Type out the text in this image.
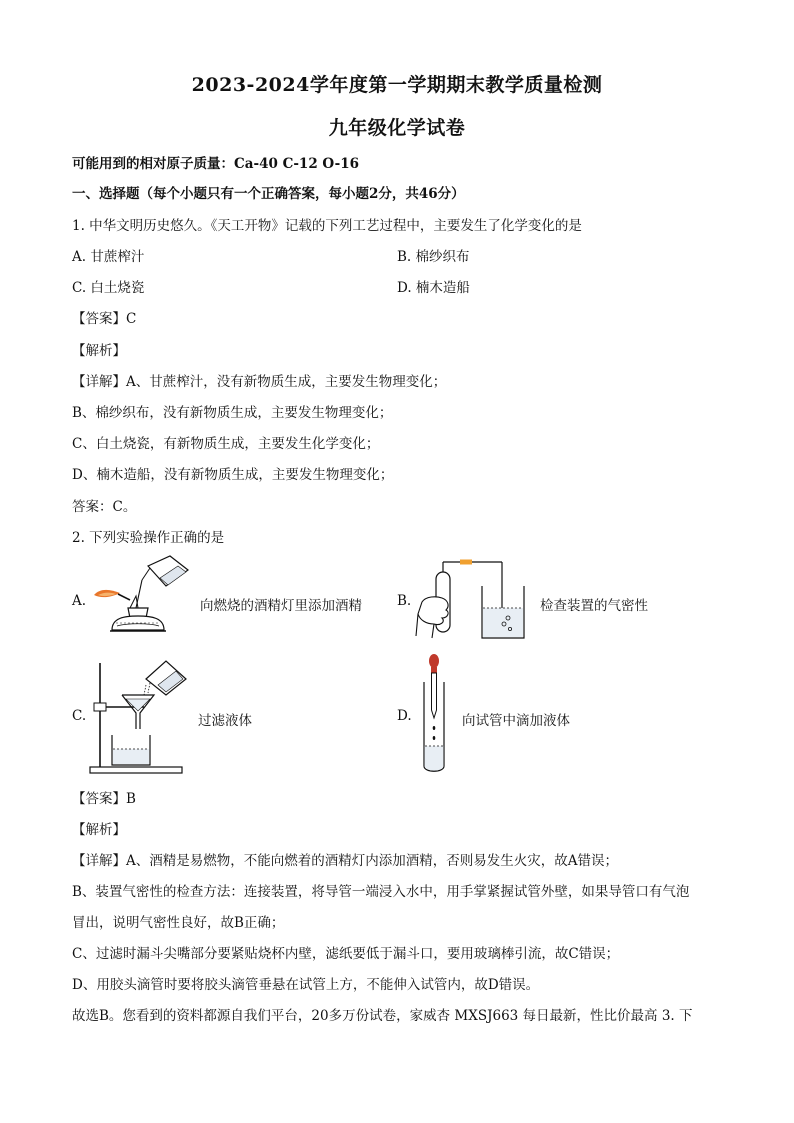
2023-2024学年度第一学期期末教学质量检测
九年级化学试卷
可能用到的相对原子质量：Ca-40 C-12 O-16
一、选择题（每个小题只有一个正确答案，每小题2分，共46分）
1. 中华文明历史悠久。《天工开物》记载的下列工艺过程中，主要发生了化学变化的是
A. 甘蔗榨汁	B. 棉纱织布
C. 白土烧瓷	D. 楠木造船
【答案】C
【解析】
【详解】A、甘蔗榨汁，没有新物质生成，主要发生物理变化；
B、棉纱织布，没有新物质生成，主要发生物理变化；
C、白土烧瓷，有新物质生成，主要发生化学变化；
D、楠木造船，没有新物质生成，主要发生物理变化；
答案：C。
2. 下列实验操作正确的是
A.	向燃烧的酒精灯里添加酒精	B.	检查装置的气密性
C.	过滤液体	D.	向试管中滴加液体
【答案】B
【解析】
【详解】A、酒精是易燃物，不能向燃着的酒精灯内添加酒精，否则易发生火灾，故A错误；
B、装置气密性的检查方法：连接装置，将导管一端浸入水中，用手掌紧握试管外壁，如果导管口有气泡
冒出，说明气密性良好，故B正确；
C、过滤时漏斗尖嘴部分要紧贴烧杯内壁，滤纸要低于漏斗口，要用玻璃棒引流，故C错误；
D、用胶头滴管时要将胶头滴管垂悬在试管上方，不能伸入试管内，故D错误。
故选B。您看到的资料都源自我们平台，20多万份试卷，家威杏 MXSJ663 每日最新，性比价最高 3. 下
